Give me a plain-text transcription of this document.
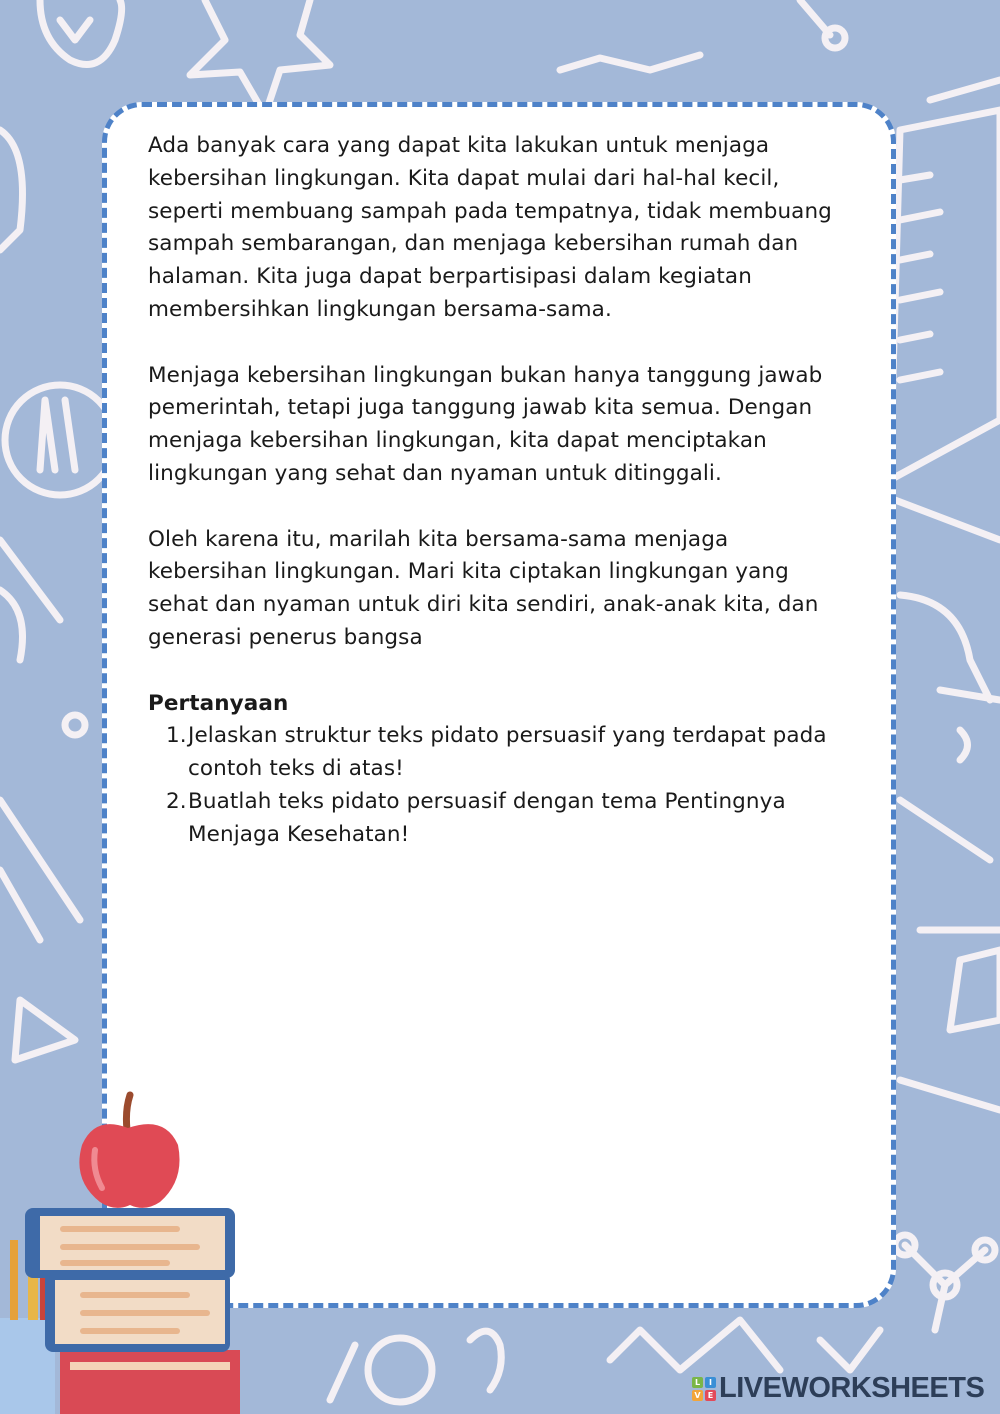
Ada banyak cara yang dapat kita lakukan untuk menjaga kebersihan lingkungan. Kita dapat mulai dari hal-hal kecil, seperti membuang sampah pada tempatnya, tidak membuang sampah sembarangan, dan menjaga kebersihan rumah dan halaman. Kita juga dapat berpartisipasi dalam kegiatan membersihkan lingkungan bersama-sama.

Menjaga kebersihan lingkungan bukan hanya tanggung jawab pemerintah, tetapi juga tanggung jawab kita semua. Dengan menjaga kebersihan lingkungan, kita dapat menciptakan lingkungan yang sehat dan nyaman untuk ditinggali.

Oleh karena itu, marilah kita bersama-sama menjaga kebersihan lingkungan. Mari kita ciptakan lingkungan yang sehat dan nyaman untuk diri kita sendiri, anak-anak kita, dan generasi penerus bangsa

Pertanyaan
1. Jelaskan struktur teks pidato persuasif yang terdapat pada contoh teks di atas!
2. Buatlah teks pidato persuasif dengan tema Pentingnya Menjaga Kesehatan!
L	I
V E LIVEWORKSHEETS
